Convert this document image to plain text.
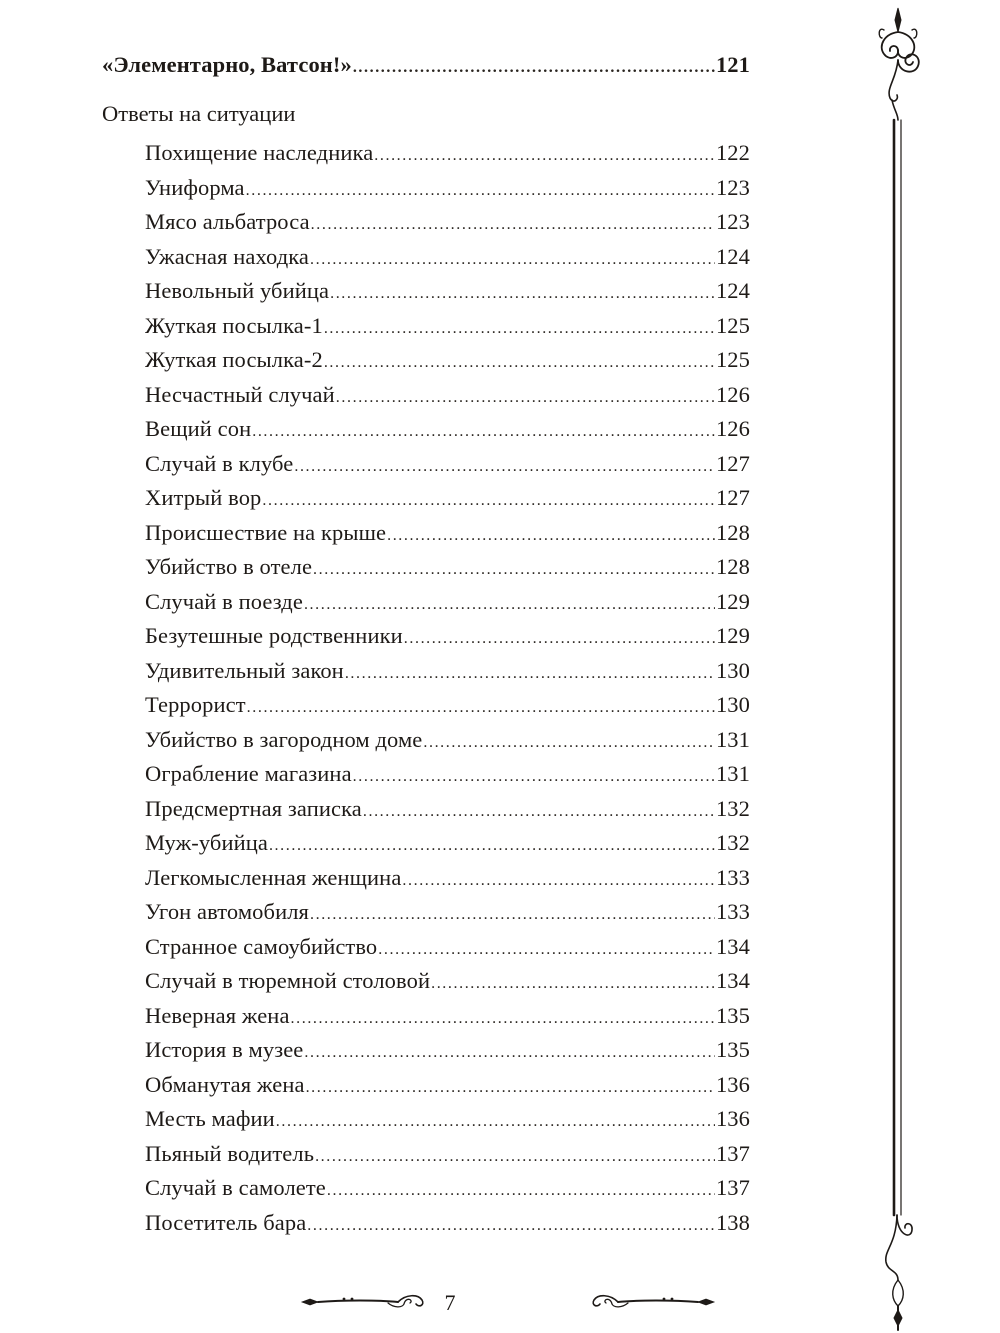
«Элементарно, Ватсон!» .....	121
Ответы на ситуации
Похищение наследника .....	122
Униформа .....	123
Мясо альбатроса .....	123
Ужасная находка .....	124
Невольный убийца .....	124
Жуткая посылка-1 .....	125
Жуткая посылка-2 .....	125
Несчастный случай .....	126
Вещий сон .....	126
Случай в клубе .....	127
Хитрый вор .....	127
Происшествие на крыше .....	128
Убийство в отеле .....	128
Случай в поезде .....	129
Безутешные родственники .....	129
Удивительный закон .....	130
Террорист .....	130
Убийство в загородном доме .....	131
Ограбление магазина .....	131
Предсмертная записка .....	132
Муж-убийца .....	132
Легкомысленная женщина .....	133
Угон автомобиля .....	133
Странное самоубийство .....	134
Случай в тюремной столовой .....	134
Неверная жена .....	135
История в музее .....	135
Обманутая жена .....	136
Месть мафии .....	136
Пьяный водитель .....	137
Случай в самолете .....	137
Посетитель бара .....	138
7
